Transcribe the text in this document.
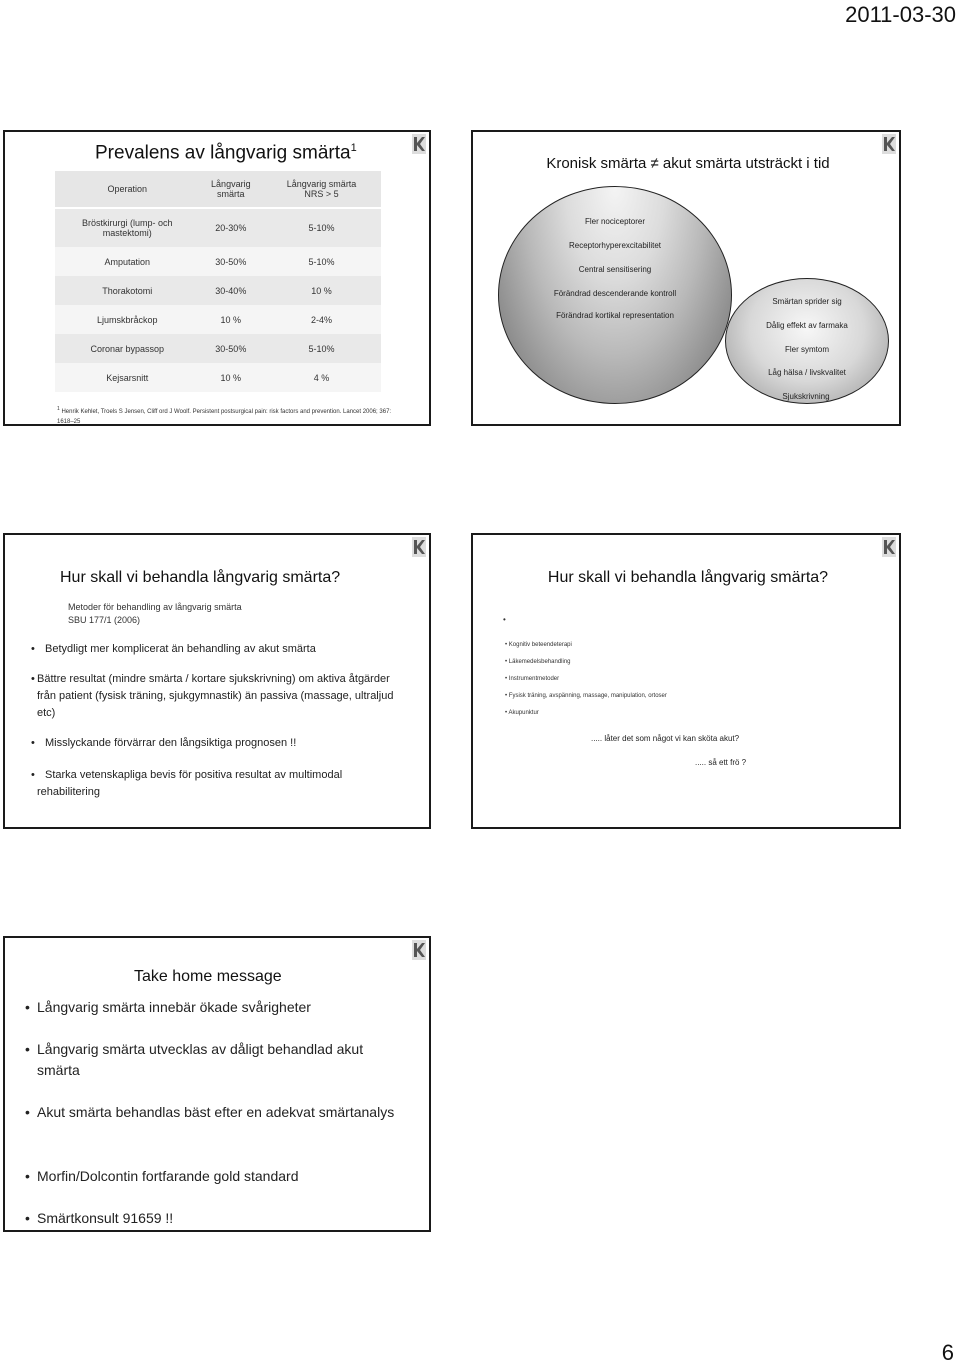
2011-03-30
Prevalens av långvarig smärta$^1$
Operation	Långvarig smärta	Långvarig smärta NRS > 5
Bröstkirurgi (lump- och mastektomi)	20-30%	5-10%
Amputation	30-50%	5-10%
Thorakotomi	30-40%	10 %
Ljumskbråckop	10 %	2-4%
Coronar bypassop	30-50%	5-10%
Kejsarsnitt	10 %	4 %
$^1$ Henrik Kehlet, Troels S Jensen, Cliff ord J Woolf. Persistent postsurgical pain: risk factors and prevention. Lancet 2006; 367: 1618–25
Kronisk smärta ≠ akut smärta utsträckt i tid
Fler nociceptorer
Receptorhyperexcitabilitet
Central sensitisering
Förändrad descenderande kontroll
Förändrad kortikal representation
Smärtan sprider sig
Dålig effekt av farmaka
Fler symtom
Låg hälsa / livskvalitet
Sjukskrivning
Hur skall vi behandla långvarig smärta?
Metoder för behandling av långvarig smärta
SBU 177/1 (2006)
• Betydligt mer komplicerat än behandling av akut smärta
• Bättre resultat (mindre smärta / kortare sjukskrivning) om aktiva åtgärder från patient (fysisk träning, sjukgymnastik) än passiva (massage, ultraljud etc)
• Misslyckande förvärrar den långsiktiga prognosen !!
• Starka vetenskapliga bevis för positiva resultat av multimodal rehabilitering
Hur skall vi behandla långvarig smärta?
•
• Kognitiv beteendeterapi
• Läkemedelsbehandling
• Instrumentmetoder
• Fysisk träning, avspänning, massage, manipulation, ortoser
• Akupunktur
..... låter det som något vi kan sköta akut?
..... så ett frö ?
Take home message
• Långvarig smärta innebär ökade svårigheter
• Långvarig smärta utvecklas av dåligt behandlad akut smärta
• Akut smärta behandlas bäst efter en adekvat smärtanalys
• Morfin/Dolcontin fortfarande gold standard
• Smärtkonsult 91659 !!
6
